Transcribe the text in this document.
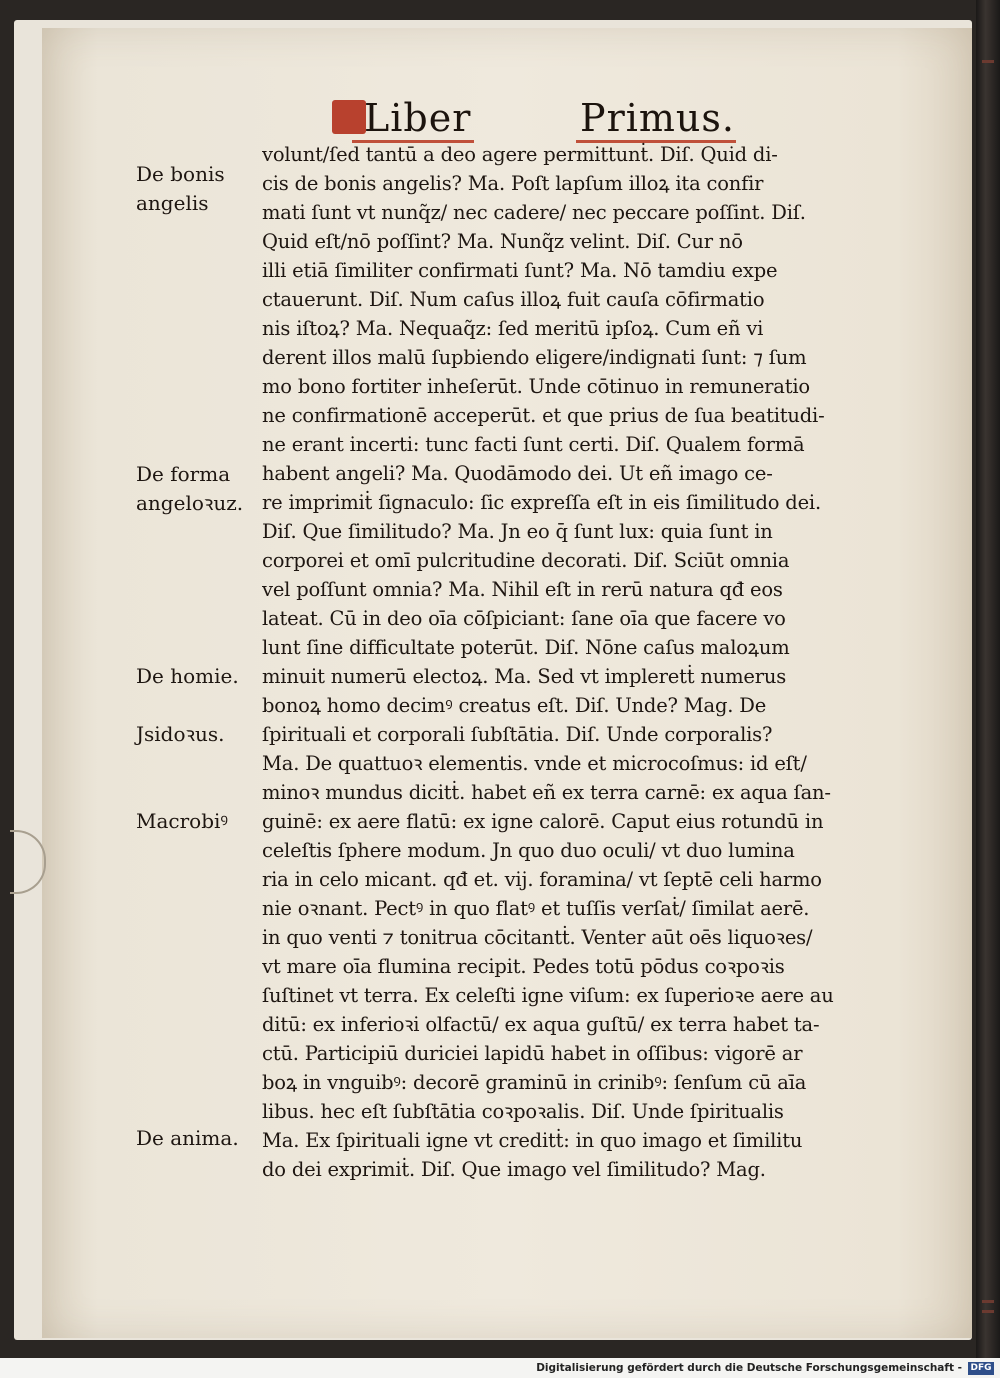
Liber	Primus.
De bonis
angelis
De forma
angeloꝛuz.
De homie.
Jsidoꝛus.
Macrobiꝰ
De anima.
volunt/ſed tantū a deo agere permittunṫ. Diſ. Quid di-
cis de bonis angelis? Ma. Poſt lapſum illoꝝ ita confir
mati ſunt vt nunq̃z/ nec cadere/ nec peccare poſſint. Diſ.
Quid eſt/nō poſſint? Ma. Nunq̃z velint. Diſ. Cur nō
illi etiā ſimiliter confirmati ſunt? Ma. Nō tamdiu expe
ctauerunt. Diſ. Num caſus illoꝝ fuit cauſa cōfirmatio
nis iſtoꝝ? Ma. Nequaq̃z: ſed meritū ipſoꝝ. Cum eñ vi
derent illos malū ſupbiendo eligere/indignati ſunt: ⁊ ſum
mo bono fortiter inheſerūt. Unde cōtinuo in remuneratio
ne confirmationē acceperūt. et que prius de ſua beatitudi-
ne erant incerti: tunc facti ſunt certi. Diſ. Qualem formā
habent angeli? Ma. Quodāmodo dei. Ut eñ imago ce-
re imprimiṫ ſignaculo: ſic expreſſa eſt in eis ſimilitudo dei.
Diſ. Que ſimilitudo? Ma. Jn eo q̄ ſunt lux: quia ſunt in
corporei et omī pulcritudine decorati. Diſ. Sciūt omnia
vel poſſunt omnia? Ma. Nihil eſt in rerū natura qđ eos
lateat. Cū in deo oīa cōſpiciant: ſane oīa que facere vo
lunt ſine difficultate poterūt. Diſ. Nōne caſus maloꝝum
minuit numerū electoꝝ. Ma. Sed vt impleretṫ numerus
bonoꝝ homo decimꝰ creatus eſt. Diſ. Unde? Mag. De
ſpirituali et corporali ſubſtātia. Diſ. Unde corporalis?
Ma. De quattuoꝛ elementis. vnde et microcoſmus: id eſt/
minoꝛ mundus dicitṫ. habet eñ ex terra carnē: ex aqua ſan-
guinē: ex aere flatū: ex igne calorē. Caput eius rotundū in
celeſtis ſphere modum. Jn quo duo oculi/ vt duo lumina
ria in celo micant. qđ et. vij. foramina/ vt ſeptē celi harmo
nie oꝛnant. Pectꝰ in quo flatꝰ et tuſſis verſaṫ/ ſimilat aerē.
in quo venti ⁊ tonitrua cōcitantṫ. Venter aūt oēs liquoꝛes/
vt mare oīa flumina recipit. Pedes totū pōdus coꝛpoꝛis
ſuſtinet vt terra. Ex celeſti igne viſum: ex ſuperioꝛe aere au
ditū: ex inferioꝛi olfactū/ ex aqua guſtū/ ex terra habet ta-
ctū. Participiū duriciei lapidū habet in oſſibus: vigorē ar
boꝝ in vnguibꝰ: decorē graminū in crinibꝰ: ſenſum cū aīa
libus. hec eſt ſubſtātia coꝛpoꝛalis. Diſ. Unde ſpiritualis
Ma. Ex ſpirituali igne vt creditṫ: in quo imago et ſimilitu
do dei exprimiṫ. Diſ. Que imago vel ſimilitudo? Mag.
Digitalisierung gefördert durch die Deutsche Forschungsgemeinschaft - DFG
